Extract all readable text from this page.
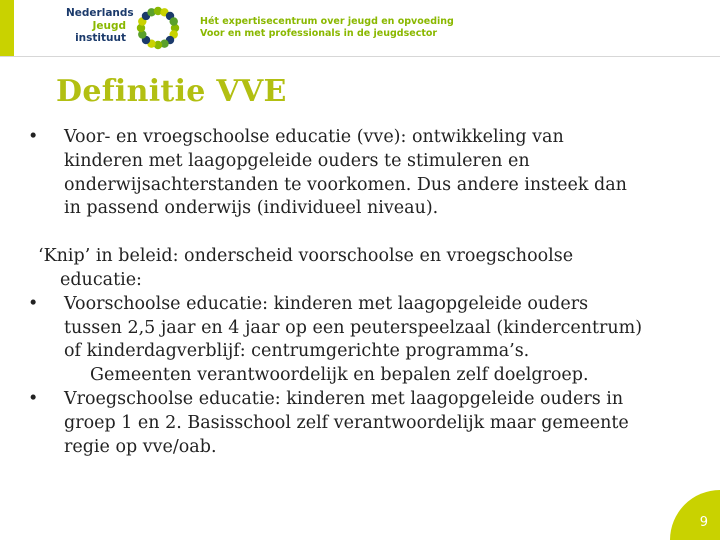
Nederlands
Jeugd
instituut
Hét expertisecentrum over jeugd en opvoeding
Voor en met professionals in de jeugdsector
Definitie VVE
• Voor- en vroegschoolse educatie (vve): ontwikkeling van
kinderen met laagopgeleide ouders te stimuleren en
onderwijsachterstanden te voorkomen. Dus andere insteek dan
in passend onderwijs (individueel niveau).
‘Knip’ in beleid: onderscheid voorschoolse en vroegschoolse
educatie:
• Voorschoolse educatie: kinderen met laagopgeleide ouders
tussen 2,5 jaar en 4 jaar op een peuterspeelzaal (kindercentrum)
of kinderdagverblijf: centrumgerichte programma’s.
Gemeenten verantwoordelijk en bepalen zelf doelgroep.
• Vroegschoolse educatie: kinderen met laagopgeleide ouders in
groep 1 en 2. Basisschool zelf verantwoordelijk maar gemeente
regie op vve/oab.
9
